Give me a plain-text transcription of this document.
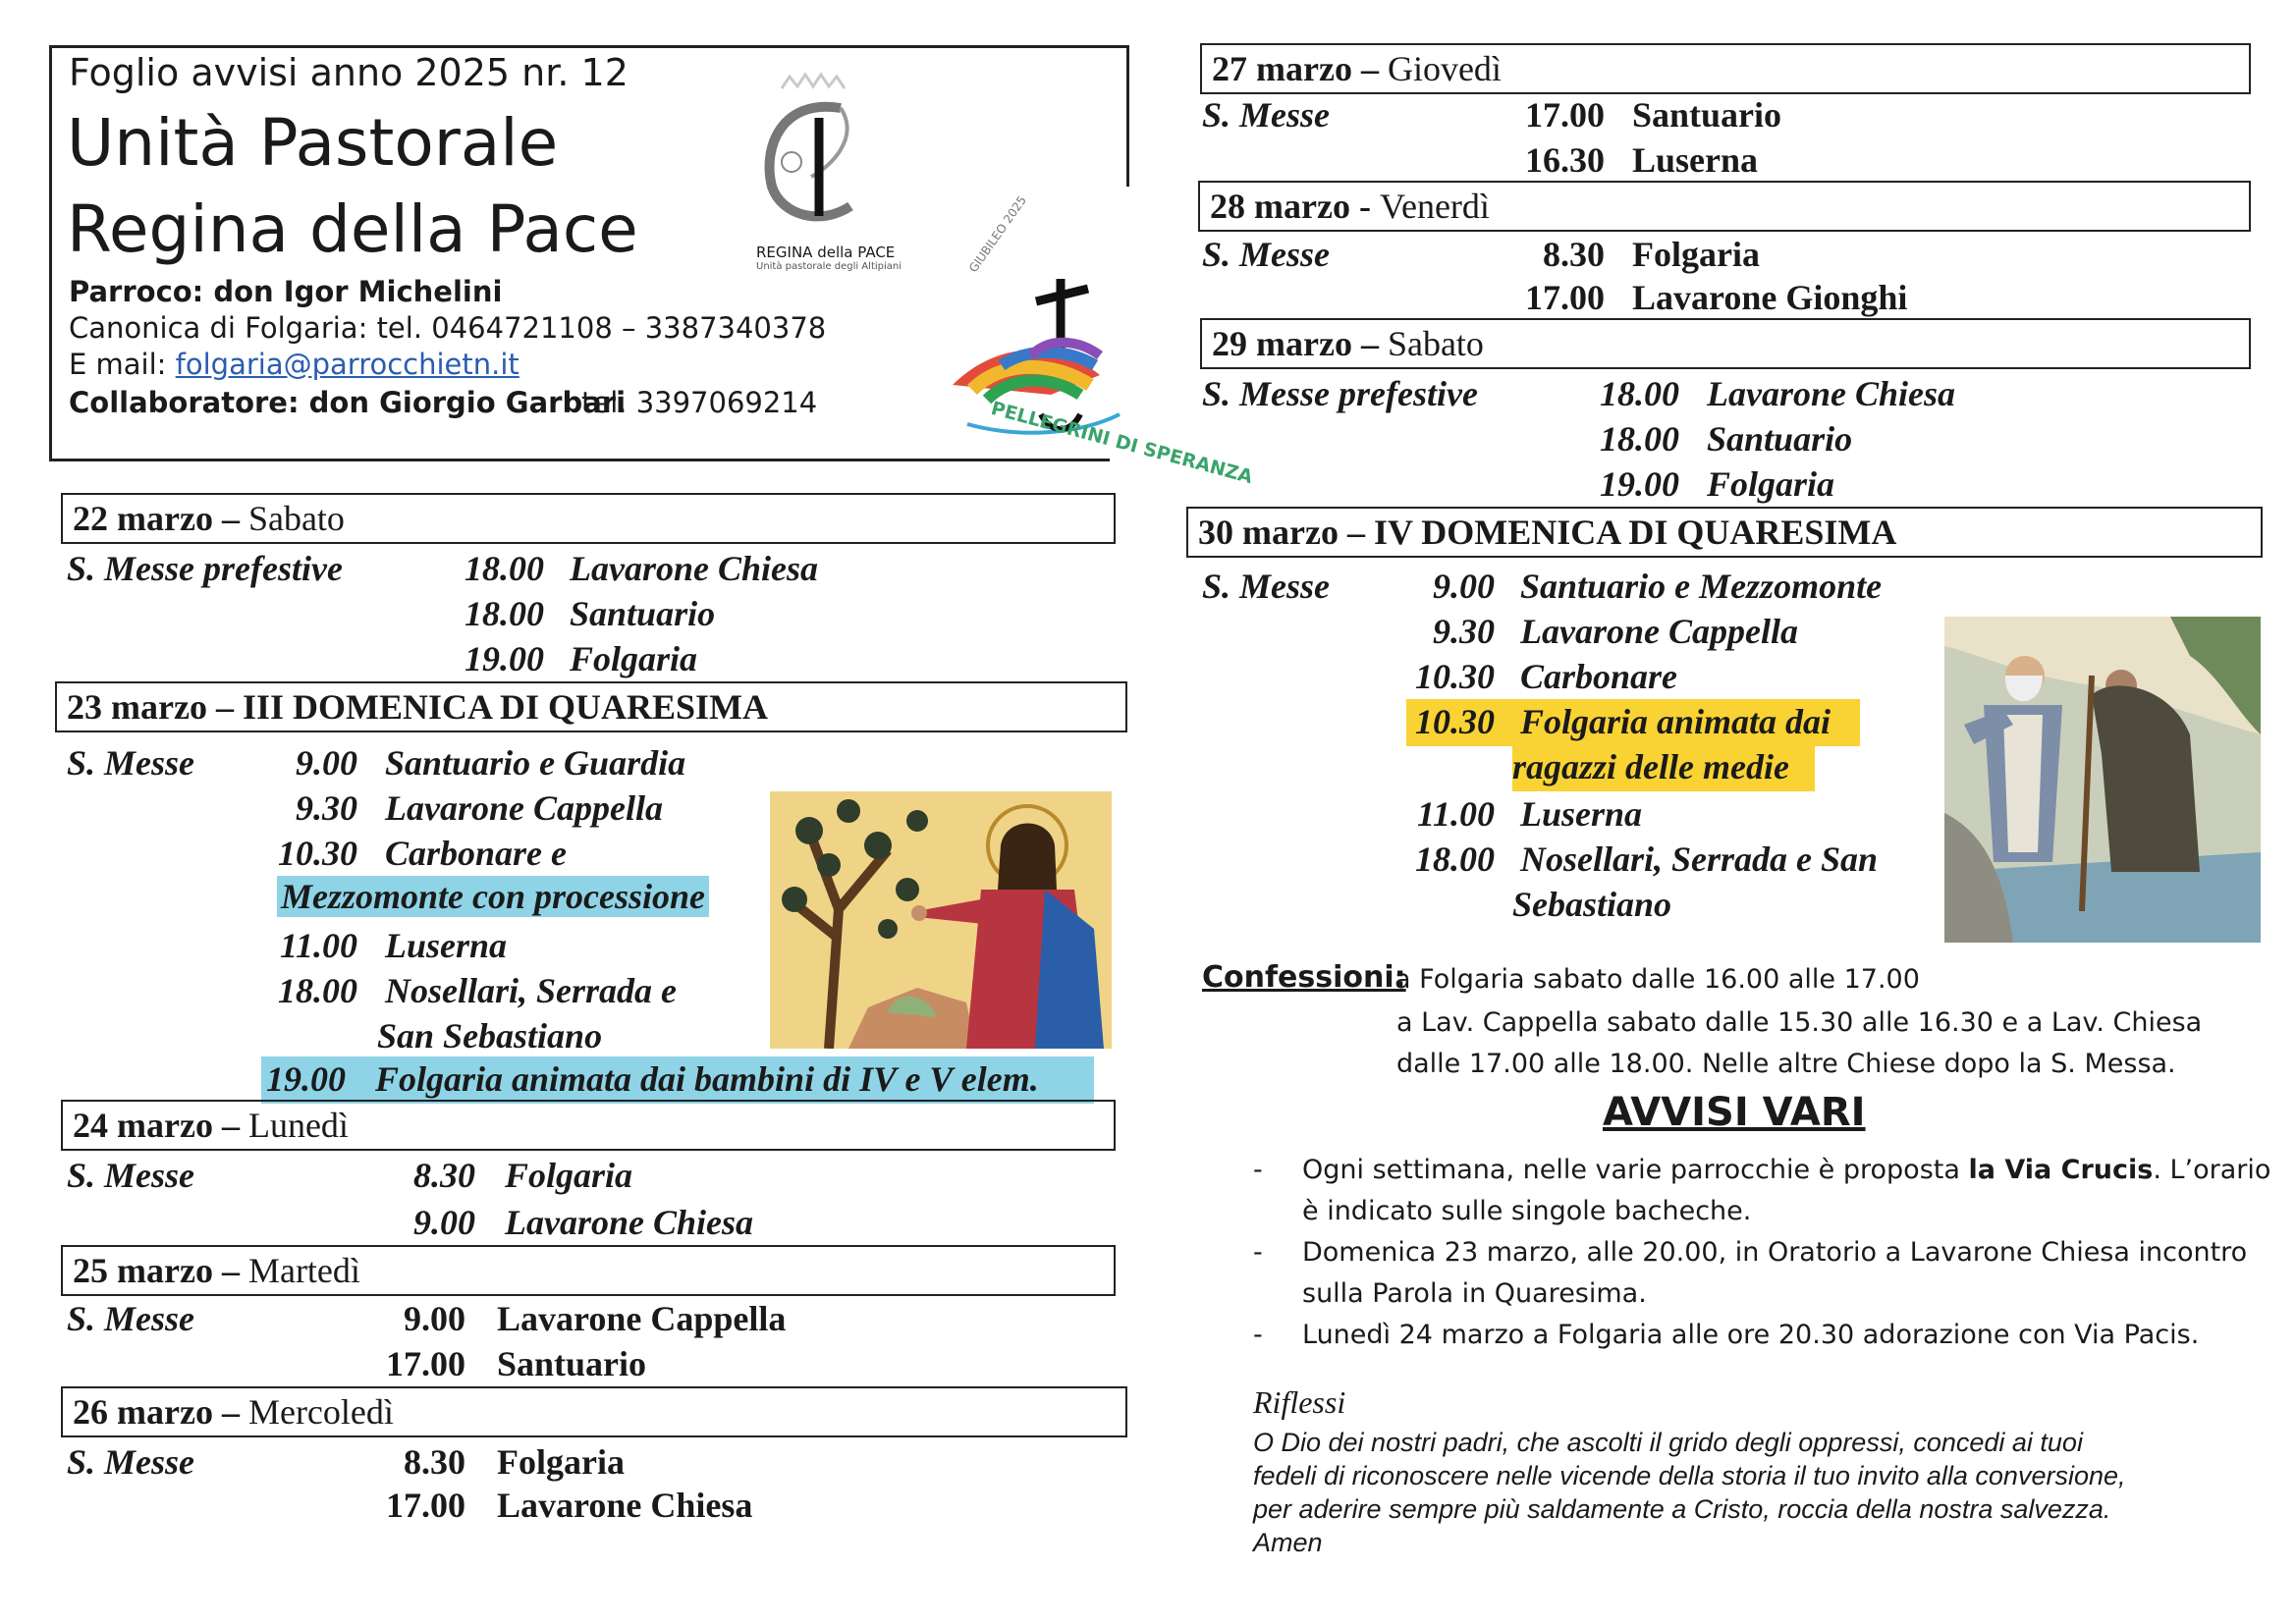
Foglio avvisi anno 2025 nr. 12
Unità Pastorale
Regina della Pace
Parroco: don Igor Michelini
Canonica di Folgaria: tel. 0464721108 – 3387340378
E mail: folgaria@parrocchietn.it
Collaboratore: don Giorgio Garbari
tel. 3397069214
REGINA della PACE
Unità pastorale degli Altipiani	GIUBILEO 2025
PELLEGRINI DI SPERANZA
22 marzo – Sabato
S. Messe prefestive	18.00 Lavarone Chiesa
18.00 Santuario
19.00 Folgaria
23 marzo – III DOMENICA DI QUARESIMA
S. Messe	9.00 Santuario e Guardia
9.30 Lavarone Cappella
10.30 Carbonare e
Mezzomonte con processione
11.00 Luserna
18.00 Nosellari, Serrada e
San Sebastiano
19.00 Folgaria animata dai bambini di IV e V elem.
24 marzo – Lunedì
S. Messe	8.30 Folgaria
9.00 Lavarone Chiesa
25 marzo – Martedì
S. Messe	9.00 Lavarone Cappella
17.00 Santuario
26 marzo – Mercoledì
S. Messe	8.30 Folgaria
17.00 Lavarone Chiesa
27 marzo – Giovedì
S. Messe	17.00 Santuario
16.30 Luserna
28 marzo - Venerdì
S. Messe	8.30 Folgaria
17.00 Lavarone Gionghi
29 marzo – Sabato
S. Messe prefestive	18.00 Lavarone Chiesa
18.00 Santuario
19.00 Folgaria
30 marzo – IV DOMENICA DI QUARESIMA
S. Messe	9.00 Santuario e Mezzomonte
9.30 Lavarone Cappella
10.30 Carbonare
10.30 Folgaria animata dai
ragazzi delle medie
11.00 Luserna
18.00 Nosellari, Serrada e San
Sebastiano
Confessioni:
a Folgaria sabato dalle 16.00 alle 17.00
a Lav. Cappella sabato dalle 15.30 alle 16.30 e a Lav. Chiesa
dalle 17.00 alle 18.00. Nelle altre Chiese dopo la S. Messa.
AVVISI VARI
- Ogni settimana, nelle varie parrocchie è proposta la Via Crucis. L’orario
è indicato sulle singole bacheche.
- Domenica 23 marzo, alle 20.00, in Oratorio a Lavarone Chiesa incontro
sulla Parola in Quaresima.
- Lunedì 24 marzo a Folgaria alle ore 20.30 adorazione con Via Pacis.
Riflessi
O Dio dei nostri padri, che ascolti il grido degli oppressi, concedi ai tuoi
fedeli di riconoscere nelle vicende della storia il tuo invito alla conversione,
per aderire sempre più saldamente a Cristo, roccia della nostra salvezza.
Amen
